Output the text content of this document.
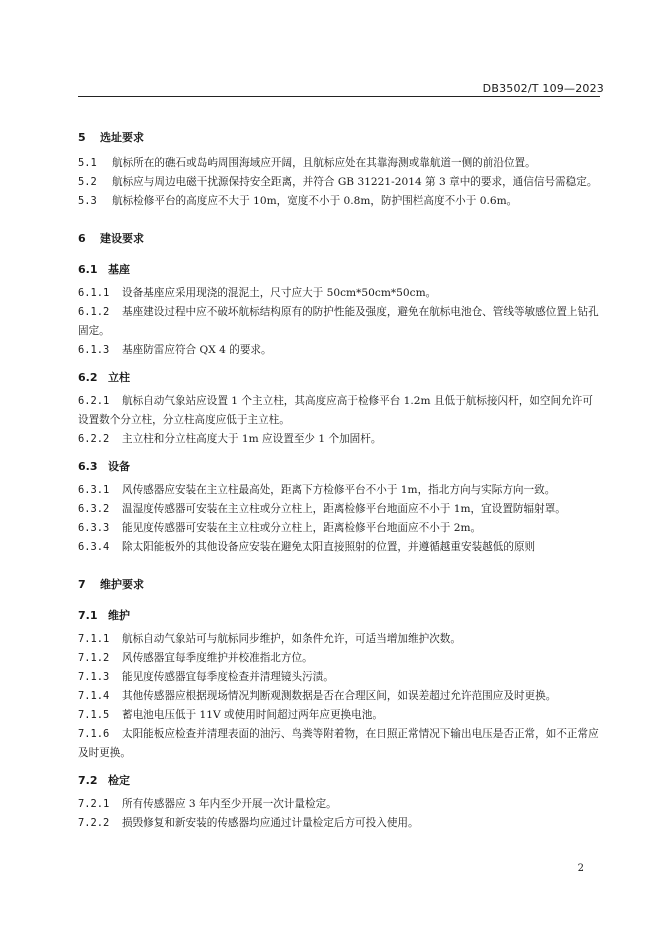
DB3502/T 109—2023
5 选址要求

5.1 航标所在的礁石或岛屿周围海域应开阔，且航标应处在其靠海测或靠航道一侧的前沿位置。

5.2 航标应与周边电磁干扰源保持安全距离，并符合 GB 31221-2014 第 3 章中的要求，通信信号需稳定。

5.3 航标检修平台的高度应不大于 10m，宽度不小于 0.8m，防护围栏高度不小于 0.6m。

6 建设要求
6.1 基座

6.1.1 设备基座应采用现浇的混泥土，尺寸应大于 50cm*50cm*50cm。

6.1.2 基座建设过程中应不破坏航标结构原有的防护性能及强度，避免在航标电池仓、管线等敏感位置上钻孔固定。

6.1.3 基座防雷应符合 QX 4 的要求。

6.2 立柱

6.2.1 航标自动气象站应设置 1 个主立柱，其高度应高于检修平台 1.2m 且低于航标接闪杆，如空间允许可设置数个分立柱，分立柱高度应低于主立柱。

6.2.2 主立柱和分立柱高度大于 1m 应设置至少 1 个加固杆。

6.3 设备

6.3.1 风传感器应安装在主立柱最高处，距离下方检修平台不小于 1m，指北方向与实际方向一致。

6.3.2 温湿度传感器可安装在主立柱或分立柱上，距离检修平台地面应不小于 1m，宜设置防辐射罩。

6.3.3 能见度传感器可安装在主立柱或分立柱上，距离检修平台地面应不小于 2m。

6.3.4 除太阳能板外的其他设备应安装在避免太阳直接照射的位置，并遵循越重安装越低的原则

7 维护要求
7.1 维护

7.1.1 航标自动气象站可与航标同步维护，如条件允许，可适当增加维护次数。

7.1.2 风传感器宜每季度维护并校准指北方位。

7.1.3 能见度传感器宜每季度检查并清理镜头污渍。

7.1.4 其他传感器应根据现场情况判断观测数据是否在合理区间，如误差超过允许范围应及时更换。

7.1.5 蓄电池电压低于 11V 或使用时间超过两年应更换电池。

7.1.6 太阳能板应检查并清理表面的油污、鸟粪等附着物，在日照正常情况下输出电压是否正常，如不正常应及时更换。

7.2 检定

7.2.1 所有传感器应 3 年内至少开展一次计量检定。

7.2.2 损毁修复和新安装的传感器均应通过计量检定后方可投入使用。

2
